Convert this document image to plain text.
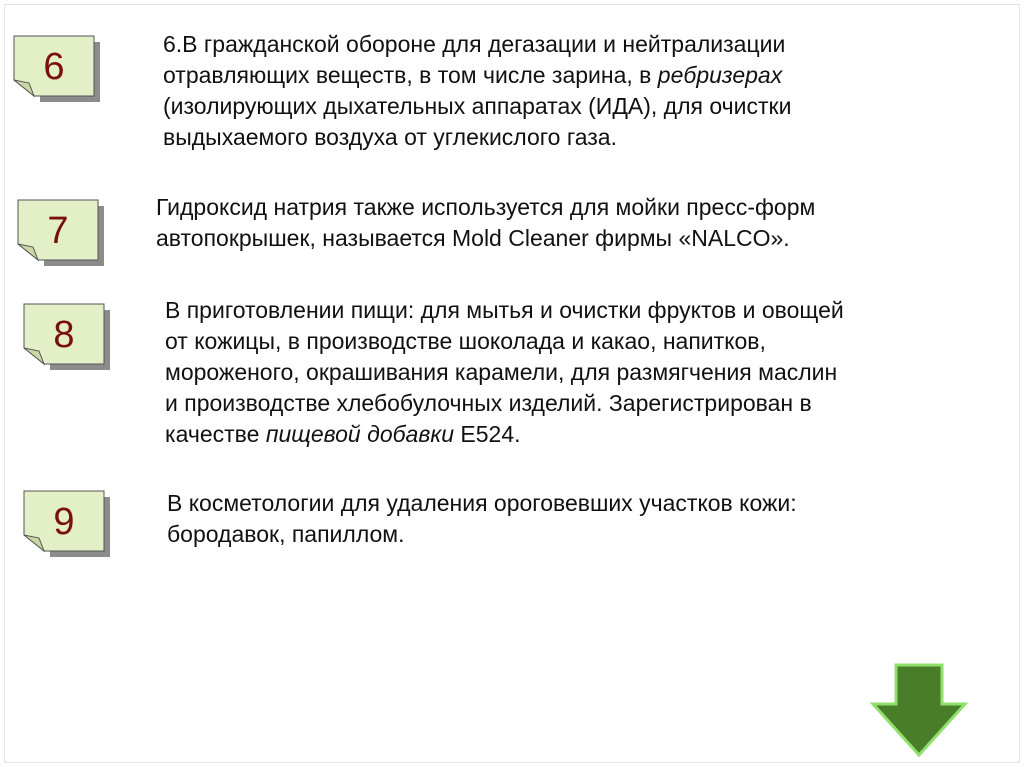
6

6.В гражданской обороне для дегазации и нейтрализации

отравляющих веществ, в том числе зарина, в ребризерах

(изолирующих дыхательных аппаратах (ИДА), для очистки

выдыхаемого воздуха от углекислого газа.

7

Гидроксид натрия также используется для мойки пресс-форм

автопокрышек, называется Mold Cleaner фирмы «NALCO».

8

В приготовлении пищи: для мытья и очистки фруктов и овощей

от кожицы, в производстве шоколада и какао, напитков,

мороженого, окрашивания карамели, для размягчения маслин

и производстве хлебобулочных изделий. Зарегистрирован в

качестве пищевой добавки Е524.

9	В косметологии для удаления ороговевших участков кожи:

бородавок, папиллом.
